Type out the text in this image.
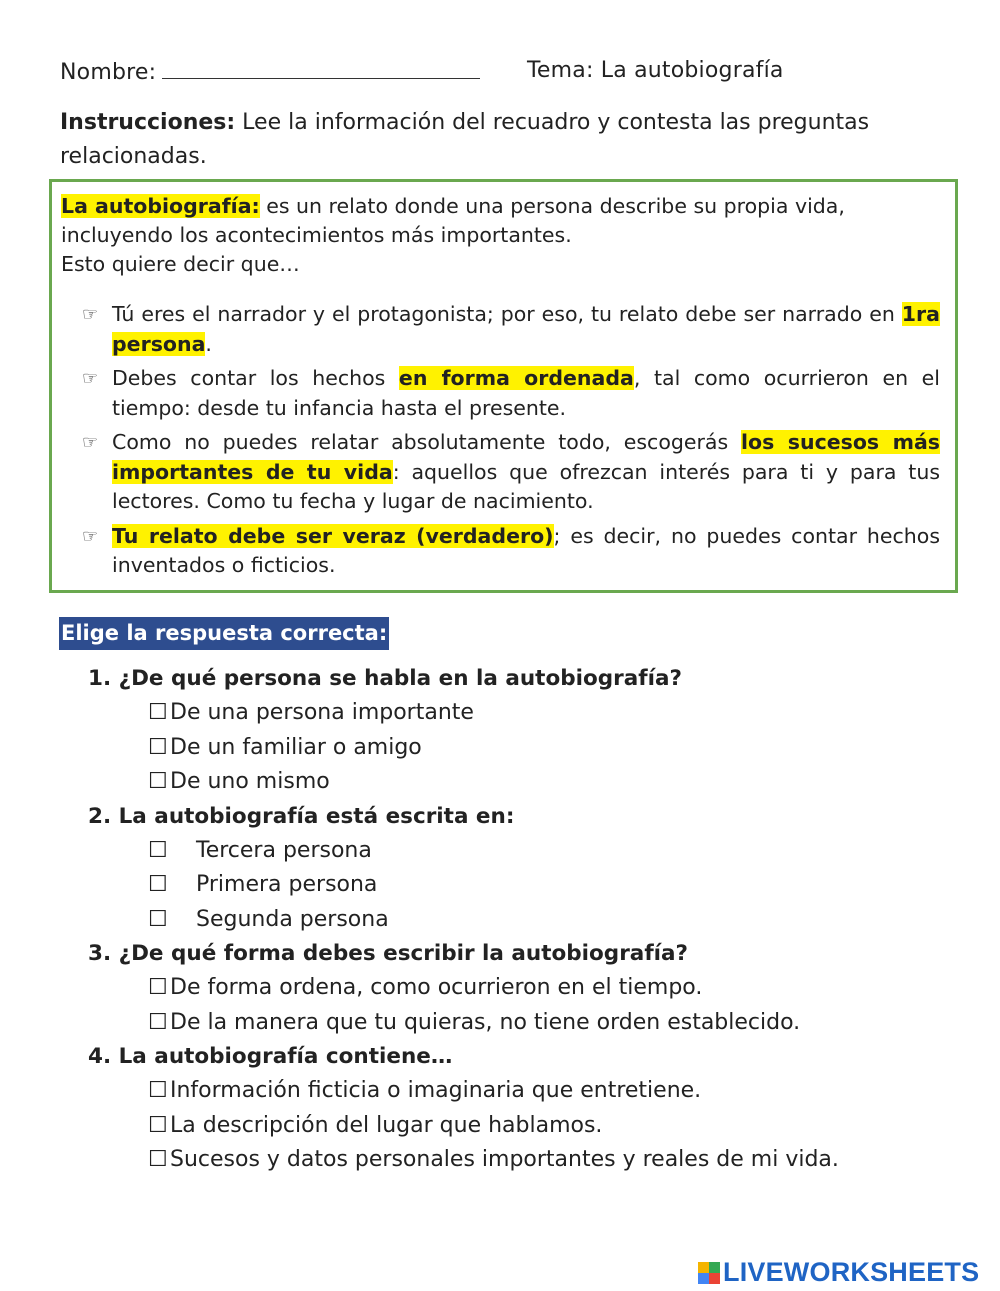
Nombre:	Tema: La autobiografía
Instrucciones: Lee la información del recuadro y contesta las preguntas relacionadas.
La autobiografía: es un relato donde una persona describe su propia vida, incluyendo los acontecimientos más importantes.
Esto quiere decir que…
☞ Tú eres el narrador y el protagonista; por eso, tu relato debe ser narrado en 1ra persona.
☞ Debes contar los hechos en forma ordenada, tal como ocurrieron en el tiempo: desde tu infancia hasta el presente.
☞ Como no puedes relatar absolutamente todo, escogerás los sucesos más importantes de tu vida: aquellos que ofrezcan interés para ti y para tus lectores. Como tu fecha y lugar de nacimiento.
☞ Tu relato debe ser veraz (verdadero); es decir, no puedes contar hechos inventados o ficticios.
Elige la respuesta correcta:
1. ¿De qué persona se habla en la autobiografía?
☐ De una persona importante
☐ De un familiar o amigo
☐ De uno mismo
2. La autobiografía está escrita en:
☐ Tercera persona
☐ Primera persona
☐ Segunda persona
3. ¿De qué forma debes escribir la autobiografía?
☐ De forma ordena, como ocurrieron en el tiempo.
☐ De la manera que tu quieras, no tiene orden establecido.
4. La autobiografía contiene…
☐ Información ficticia o imaginaria que entretiene.
☐ La descripción del lugar que hablamos.
☐ Sucesos y datos personales importantes y reales de mi vida.
LIVEWORKSHEETS
